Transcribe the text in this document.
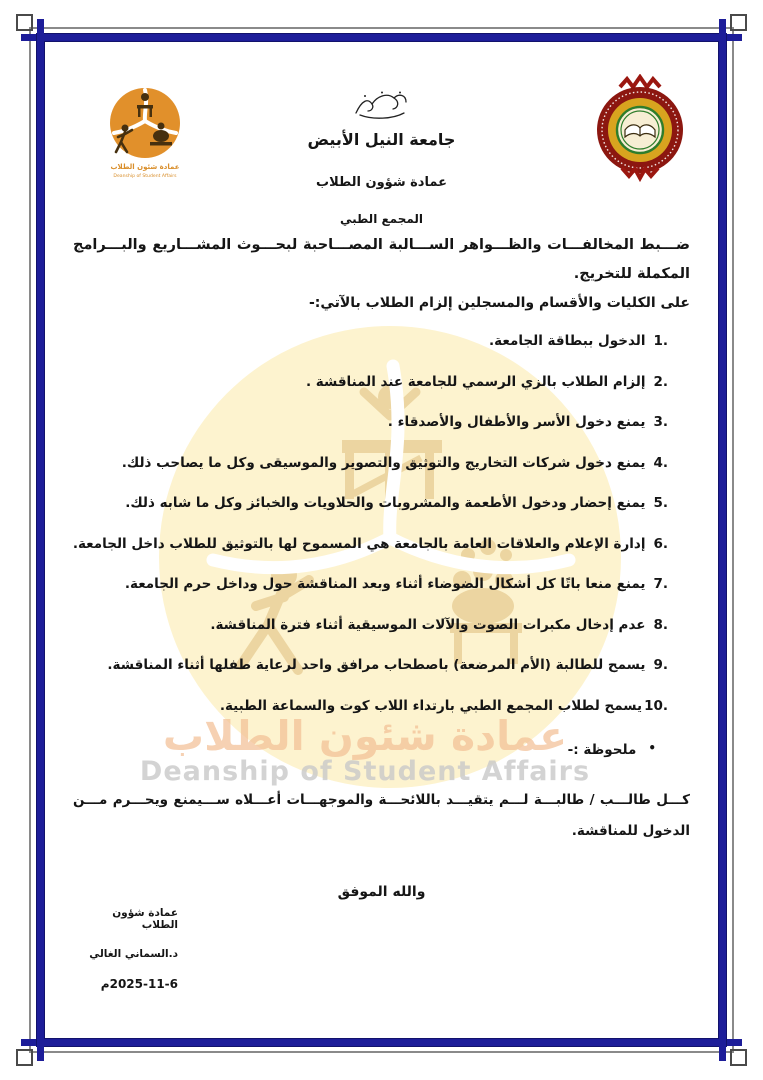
عمادة شئون الطلاب
Deanship of Student Affairs
عمادة شئون الطلاب
Deanship of Student Affairs
جامعة النيل الأبيض
عمادة شؤون الطلاب
المجمع الطبي
ضـــبط المخالفـــات والظـــواهر الســـالبة المصـــاحبة لبحـــوث المشـــاريع والبـــرامج
المكملة للتخريج.
على الكليات والأقسام والمسجلين إلزام الطلاب بالآتي:-
1.الدخول ببطاقة الجامعة.
2.إلزام الطلاب بالزي الرسمي للجامعة عند المناقشة .
3.يمنع دخول الأسر والأطفال والأصدقاء .
4.يمنع دخول شركات التخاريج والتوثيق والتصوير والموسيقى وكل ما يصاحب ذلك.
5.يمنع إحضار ودخول الأطعمة والمشروبات والحلاويات والخبائز وكل ما شابه ذلك.
6.إدارة الإعلام والعلاقات العامة بالجامعة هي المسموح لها بالتوثيق للطلاب داخل الجامعة.
7.يمنع منعا باتًا كل أشكال الضوضاء أثناء وبعد المناقشة حول وداخل حرم الجامعة.
8.عدم إدخال مكبرات الصوت والآلات الموسيقية أثناء فترة المناقشة.
9.يسمح للطالبة (الأم المرضعة) باصطحاب مرافق واحد لرعاية طفلها أثناء المناقشة.
10.يسمح لطلاب المجمع الطبي بارتداء اللاب كوت والسماعة الطبية.
•ملحوظة :-
كـــل طالـــب / طالبـــة لـــم يتقيـــد باللائحـــة والموجهـــات أعـــلاه ســـيمنع ويحـــرم مـــن
الدخول للمناقشة.
والله الموفق
عمادة شؤون الطلاب
د.السماني الغالي
م2025-11-6
